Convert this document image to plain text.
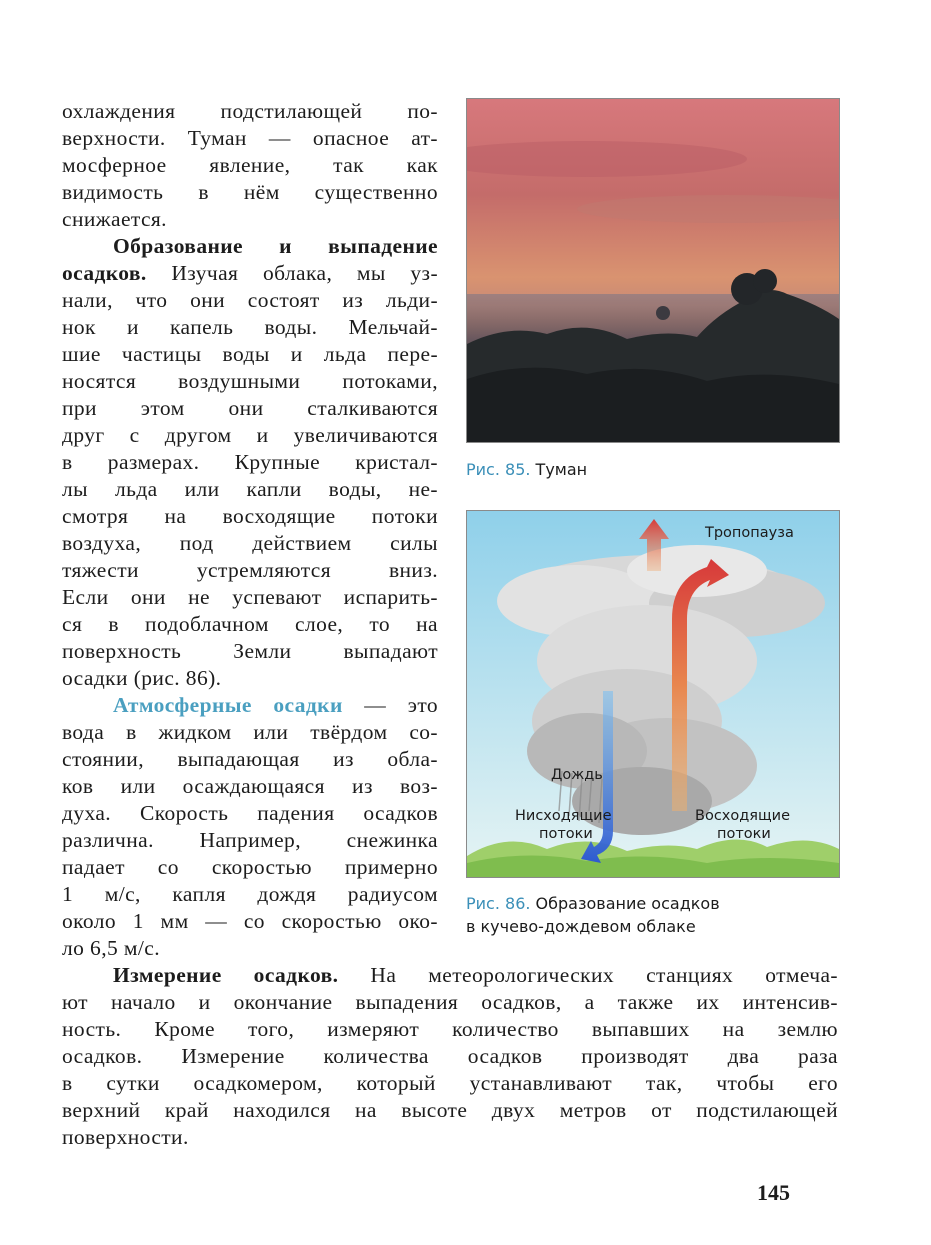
охлаждения подстилающей по-
верхности. Туман — опасное ат-
мосферное явление, так как
видимость в нём существенно
снижается.
Образование и выпадение
осадков. Изучая облака, мы уз-
нали, что они состоят из льди-
нок и капель воды. Мельчай-
шие частицы воды и льда пере-
носятся воздушными потоками,
при этом они сталкиваются
друг с другом и увеличиваются
в размерах. Крупные кристал-
лы льда или капли воды, не-
смотря на восходящие потоки
воздуха, под действием силы
тяжести устремляются вниз.
Если они не успевают испарить-
ся в подоблачном слое, то на
поверхность Земли выпадают
осадки (рис. 86).
Атмосферные осадки — это
вода в жидком или твёрдом со-
стоянии, выпадающая из обла-
ков или осаждающаяся из воз-
духа. Скорость падения осадков
различна. Например, снежинка
падает со скоростью примерно
1 м/с, капля дождя радиусом
около 1 мм — со скоростью око-
ло 6,5 м/с.
Измерение осадков. На метеорологических станциях отмеча-
ют начало и окончание выпадения осадков, а также их интенсив-
ность. Кроме того, измеряют количество выпавших на землю
осадков. Измерение количества осадков производят два раза
в сутки осадкомером, который устанавливают так, чтобы его
верхний край находился на высоте двух метров от подстилающей
поверхности.
Рис. 85. Туман
Тропопауза
Дождь
Нисходящие
потоки
Восходящие
потоки
Рис. 86. Образование осадков
в кучево-дождевом облаке
145
